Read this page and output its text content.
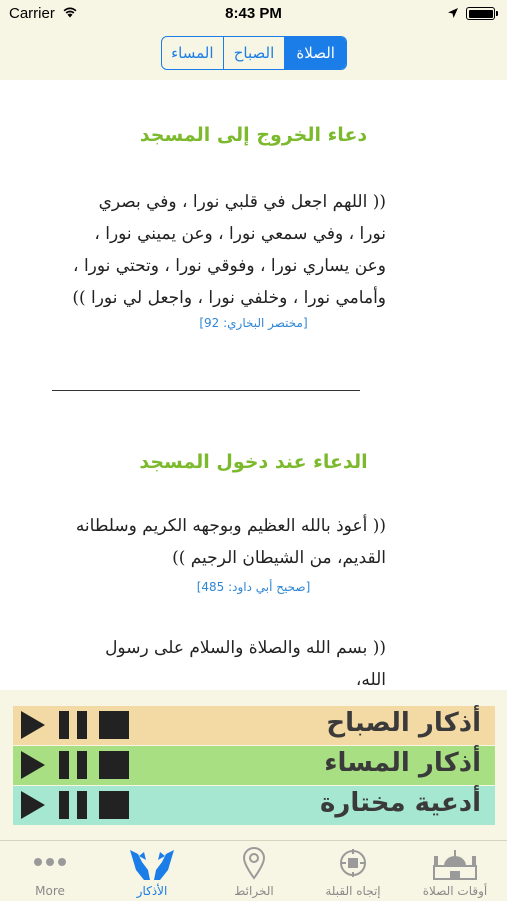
Carrier	8:43 PM
المساء	الصباح	الصلاة
دعاء الخروج إلى المسجد
(( اللهم اجعل في قلبي نورا ، وفي بصري نورا ، وفي سمعي نورا ، وعن يميني نورا ، وعن يساري نورا ، وفوقي نورا ، وتحتي نورا ، وأمامي نورا ، وخلفي نورا ، واجعل لي نورا ))
[مختصر البخاري: 92]
الدعاء عند دخول المسجد
(( أعوذ بالله العظيم وبوجهه الكريم وسلطانه القديم، من الشيطان الرجيم ))
[صحيح أبي داود: 485]
(( بسم الله والصلاة والسلام على رسول الله،
أذكار الصباح
أذكار المساء
أدعية مختارة
More	الأذكار	الخرائط	إتجاه القبلة	أوقات الصلاة
